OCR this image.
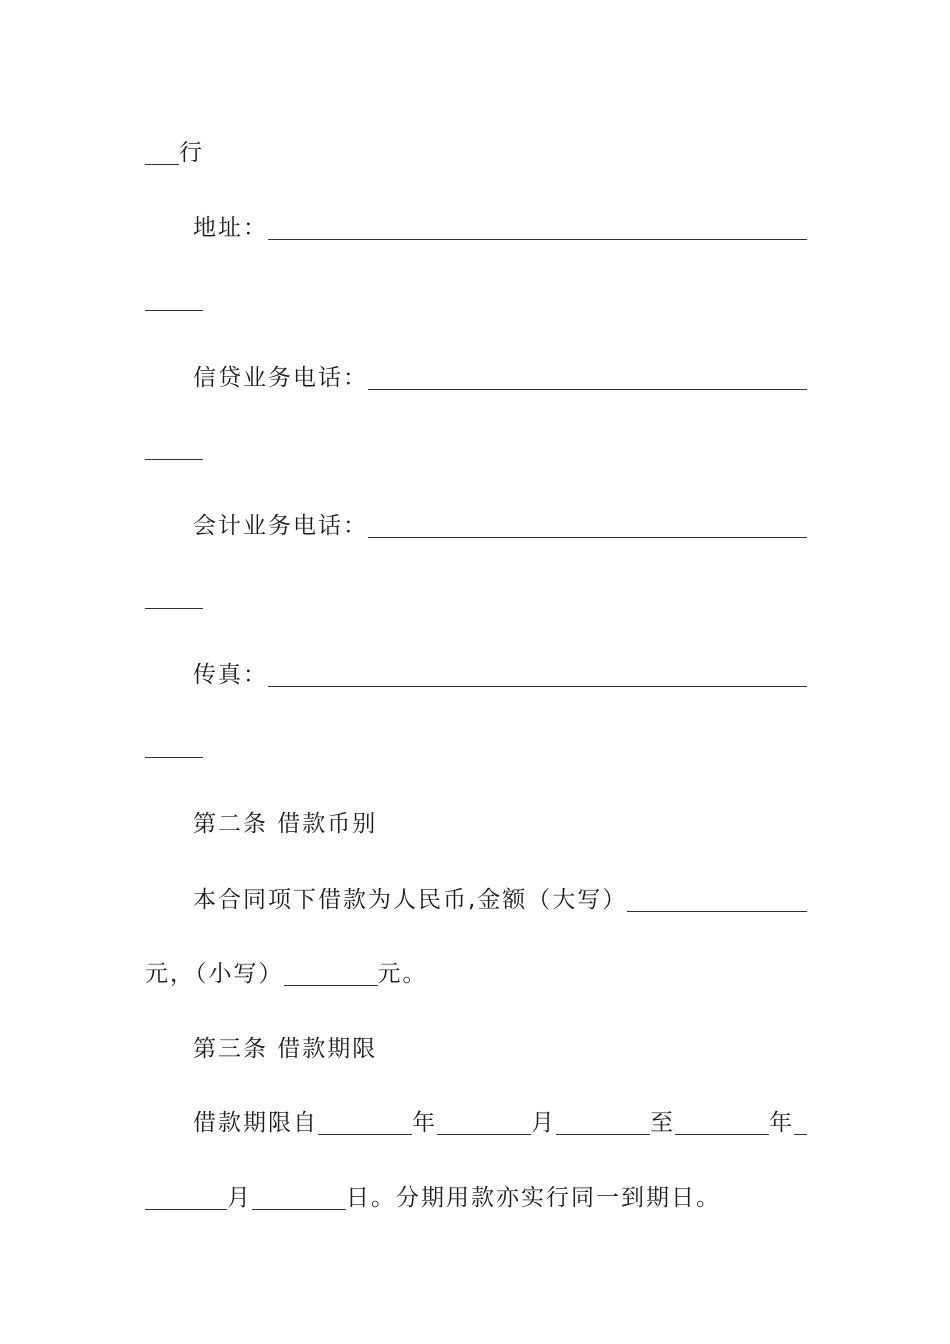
行
地址：
信贷业务电话：
会计业务电话：
传真：
第二条 借款币别
本合同项下借款为人民币,金额（大写）
元，（小写）	元。
第三条 借款期限
借款期限自	年	月	至	年
月	日。分期用款亦实行同一到期日。
